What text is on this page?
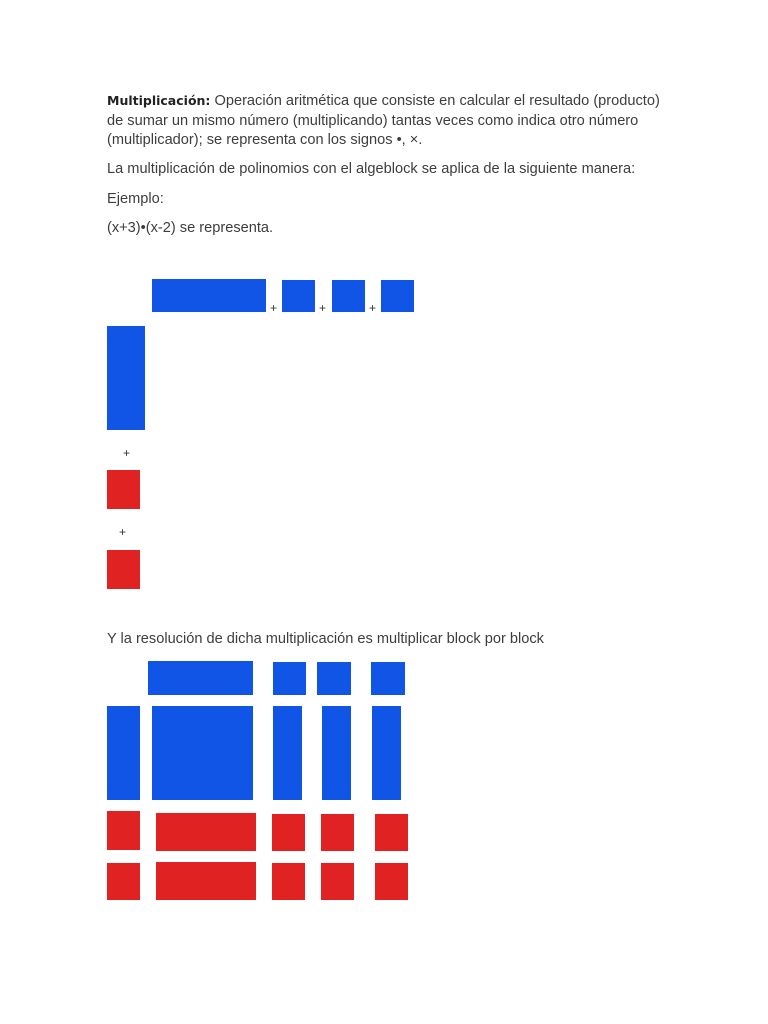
Multiplicación: Operación aritmética que consiste en calcular el resultado (producto) de sumar un mismo número (multiplicando) tantas veces como indica otro número (multiplicador); se representa con los signos •, ×.

La multiplicación de polinomios con el algeblock se aplica de la siguiente manera:

Ejemplo:

(x+3)•(x-2) se representa.

+	+	+
+
+

Y la resolución de dicha multiplicación es multiplicar block por block
